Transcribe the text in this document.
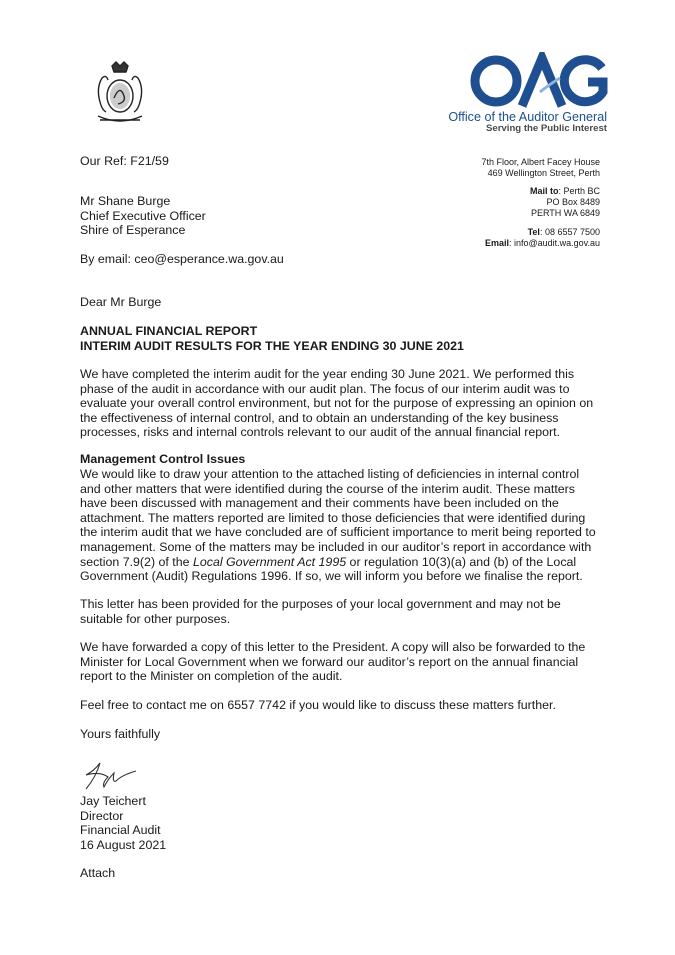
Office of the Auditor General
Serving the Public Interest
Our Ref: F21/59	7th Floor, Albert Facey House
469 Wellington Street, Perth
Mail to: Perth BC
PO Box 8489
PERTH WA 6849
Tel: 08 6557 7500
Email: info@audit.wa.gov.au
Mr Shane Burge
Chief Executive Officer
Shire of Esperance
By email: ceo@esperance.wa.gov.au
Dear Mr Burge
ANNUAL FINANCIAL REPORT
INTERIM AUDIT RESULTS FOR THE YEAR ENDING 30 JUNE 2021
We have completed the interim audit for the year ending 30 June 2021. We performed this
phase of the audit in accordance with our audit plan. The focus of our interim audit was to
evaluate your overall control environment, but not for the purpose of expressing an opinion on
the effectiveness of internal control, and to obtain an understanding of the key business
processes, risks and internal controls relevant to our audit of the annual financial report.
Management Control Issues
We would like to draw your attention to the attached listing of deficiencies in internal control
and other matters that were identified during the course of the interim audit. These matters
have been discussed with management and their comments have been included on the
attachment. The matters reported are limited to those deficiencies that were identified during
the interim audit that we have concluded are of sufficient importance to merit being reported to
management. Some of the matters may be included in our auditor’s report in accordance with
section 7.9(2) of the Local Government Act 1995 or regulation 10(3)(a) and (b) of the Local
Government (Audit) Regulations 1996. If so, we will inform you before we finalise the report.
This letter has been provided for the purposes of your local government and may not be
suitable for other purposes.
We have forwarded a copy of this letter to the President. A copy will also be forwarded to the
Minister for Local Government when we forward our auditor’s report on the annual financial
report to the Minister on completion of the audit.
Feel free to contact me on 6557 7742 if you would like to discuss these matters further.
Yours faithfully
Jay Teichert
Director
Financial Audit
16 August 2021
Attach
